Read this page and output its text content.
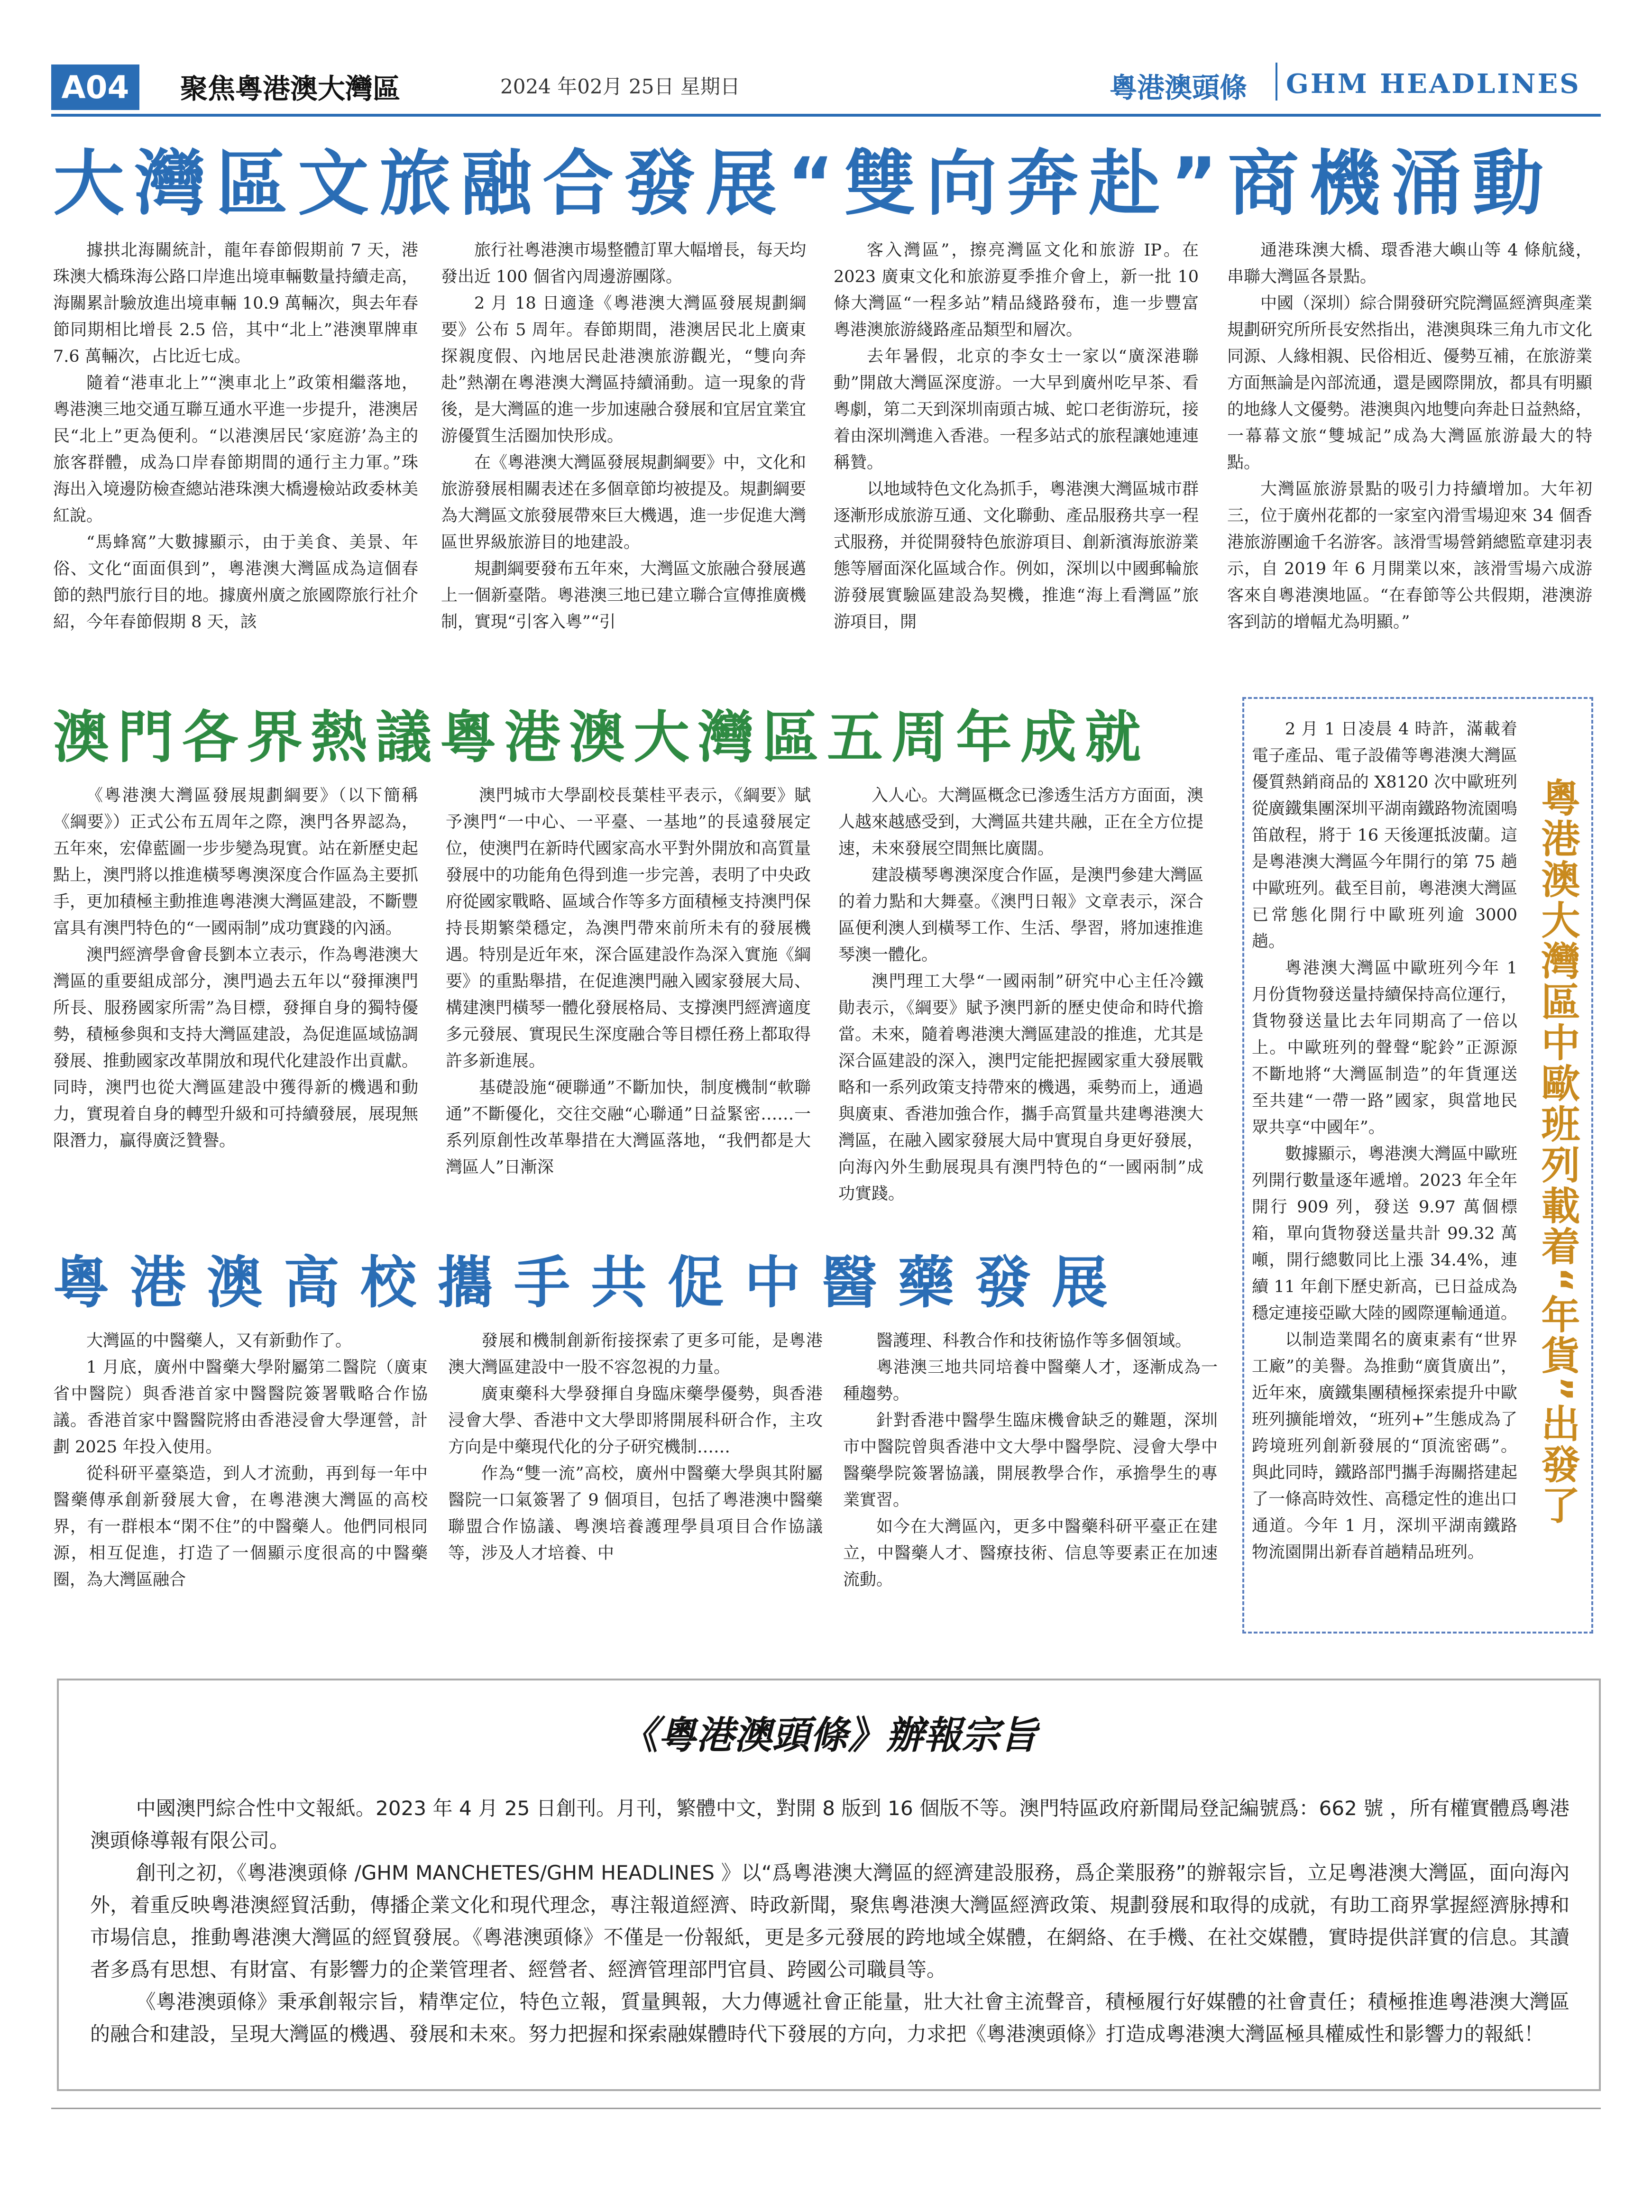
A04	聚焦粵港澳大灣區	2024 年02月 25日 星期日	粵港澳頭條 GHM HEADLINES
大灣區文旅融合發展“雙向奔赴”商機涌動

據拱北海關統計，龍年春節假期前 7 天，港珠澳大橋珠海公路口岸進出境車輛數量持續走高，海關累計驗放進出境車輛 10.9 萬輛次，與去年春節同期相比增長 2.5 倍，其中“北上”港澳單牌車 7.6 萬輛次，占比近七成。

隨着“港車北上”“澳車北上”政策相繼落地，粵港澳三地交通互聯互通水平進一步提升，港澳居民“北上”更為便利。“以港澳居民‘家庭游’為主的旅客群體，成為口岸春節期間的通行主力軍。”珠海出入境邊防檢查總站港珠澳大橋邊檢站政委林美紅說。

“馬蜂窩”大數據顯示，由于美食、美景、年俗、文化“面面俱到”，粵港澳大灣區成為這個春節的熱門旅行目的地。據廣州廣之旅國際旅行社介紹，今年春節假期 8 天，該

旅行社粵港澳市場整體訂單大幅增長，每天均發出近 100 個省內周邊游團隊。

2 月 18 日適逢《粵港澳大灣區發展規劃綱要》公布 5 周年。春節期間，港澳居民北上廣東探親度假、內地居民赴港澳旅游觀光，“雙向奔赴”熱潮在粵港澳大灣區持續涌動。這一現象的背後，是大灣區的進一步加速融合發展和宜居宜業宜游優質生活圈加快形成。

在《粵港澳大灣區發展規劃綱要》中，文化和旅游發展相關表述在多個章節均被提及。規劃綱要為大灣區文旅發展帶來巨大機遇，進一步促進大灣區世界級旅游目的地建設。

規劃綱要發布五年來，大灣區文旅融合發展邁上一個新臺階。粵港澳三地已建立聯合宣傳推廣機制，實現“引客入粵”“引

客入灣區”，擦亮灣區文化和旅游 IP。在 2023 廣東文化和旅游夏季推介會上，新一批 10 條大灣區“一程多站”精品綫路發布，進一步豐富粵港澳旅游綫路產品類型和層次。

去年暑假，北京的李女士一家以“廣深港聯動”開啟大灣區深度游。一大早到廣州吃早茶、看粵劇，第二天到深圳南頭古城、蛇口老街游玩，接着由深圳灣進入香港。一程多站式的旅程讓她連連稱贊。

以地域特色文化為抓手，粵港澳大灣區城市群逐漸形成旅游互通、文化聯動、產品服務共享一程式服務，并從開發特色旅游項目、創新濱海旅游業態等層面深化區域合作。例如，深圳以中國郵輪旅游發展實驗區建設為契機，推進“海上看灣區”旅游項目，開

通港珠澳大橋、環香港大嶼山等 4 條航綫，串聯大灣區各景點。

中國（深圳）綜合開發研究院灣區經濟與產業規劃研究所所長安然指出，港澳與珠三角九市文化同源、人緣相親、民俗相近、優勢互補，在旅游業方面無論是內部流通，還是國際開放，都具有明顯的地緣人文優勢。港澳與內地雙向奔赴日益熱絡，一幕幕文旅“雙城記”成為大灣區旅游最大的特點。

大灣區旅游景點的吸引力持續增加。大年初三，位于廣州花都的一家室內滑雪場迎來 34 個香港旅游團逾千名游客。該滑雪場營銷總監章建羽表示，自 2019 年 6 月開業以來，該滑雪場六成游客來自粵港澳地區。“在春節等公共假期，港澳游客到訪的增幅尤為明顯。”

澳門各界熱議粵港澳大灣區五周年成就

《粵港澳大灣區發展規劃綱要》（以下簡稱《綱要》）正式公布五周年之際，澳門各界認為，五年來，宏偉藍圖一步步變為現實。站在新歷史起點上，澳門將以推進橫琴粵澳深度合作區為主要抓手，更加積極主動推進粵港澳大灣區建設，不斷豐富具有澳門特色的“一國兩制”成功實踐的內涵。

澳門經濟學會會長劉本立表示，作為粵港澳大灣區的重要組成部分，澳門過去五年以“發揮澳門所長、服務國家所需”為目標，發揮自身的獨特優勢，積極參與和支持大灣區建設，為促進區域協調發展、推動國家改革開放和現代化建設作出貢獻。同時，澳門也從大灣區建設中獲得新的機遇和動力，實現着自身的轉型升級和可持續發展，展現無限潛力，贏得廣泛贊譽。

澳門城市大學副校長葉桂平表示，《綱要》賦予澳門“一中心、一平臺、一基地”的長遠發展定位，使澳門在新時代國家高水平對外開放和高質量發展中的功能角色得到進一步完善，表明了中央政府從國家戰略、區域合作等多方面積極支持澳門保持長期繁榮穩定，為澳門帶來前所未有的發展機遇。特別是近年來，深合區建設作為深入實施《綱要》的重點舉措，在促進澳門融入國家發展大局、構建澳門橫琴一體化發展格局、支撐澳門經濟適度多元發展、實現民生深度融合等目標任務上都取得許多新進展。

基礎設施“硬聯通”不斷加快，制度機制“軟聯通”不斷優化，交往交融“心聯通”日益緊密……一系列原創性改革舉措在大灣區落地，“我們都是大灣區人”日漸深

入人心。大灣區概念已滲透生活方方面面，澳人越來越感受到，大灣區共建共融，正在全方位提速，未來發展空間無比廣闊。

建設橫琴粵澳深度合作區，是澳門參建大灣區的着力點和大舞臺。《澳門日報》文章表示，深合區便利澳人到橫琴工作、生活、學習，將加速推進琴澳一體化。

澳門理工大學“一國兩制”研究中心主任冷鐵勛表示，《綱要》賦予澳門新的歷史使命和時代擔當。未來，隨着粵港澳大灣區建設的推進，尤其是深合區建設的深入，澳門定能把握國家重大發展戰略和一系列政策支持帶來的機遇，乘勢而上，通過與廣東、香港加強合作，攜手高質量共建粵港澳大灣區，在融入國家發展大局中實現自身更好發展，向海內外生動展現具有澳門特色的“一國兩制”成功實踐。

粵港澳高校攜手共促中醫藥發展

大灣區的中醫藥人，又有新動作了。

1 月底，廣州中醫藥大學附屬第二醫院（廣東省中醫院）與香港首家中醫醫院簽署戰略合作協議。香港首家中醫醫院將由香港浸會大學運營，計劃 2025 年投入使用。

從科研平臺築造，到人才流動，再到每一年中醫藥傳承創新發展大會，在粵港澳大灣區的高校界，有一群根本“閑不住”的中醫藥人。他們同根同源，相互促進，打造了一個顯示度很高的中醫藥圈，為大灣區融合

發展和機制創新衔接探索了更多可能，是粵港澳大灣區建設中一股不容忽視的力量。

廣東藥科大學發揮自身臨床藥學優勢，與香港浸會大學、香港中文大學即將開展科研合作，主攻方向是中藥現代化的分子研究機制……

作為“雙一流”高校，廣州中醫藥大學與其附屬醫院一口氣簽署了 9 個項目，包括了粵港澳中醫藥聯盟合作協議、粵澳培養護理學員項目合作協議等，涉及人才培養、中

醫護理、科教合作和技術協作等多個領域。

粵港澳三地共同培養中醫藥人才，逐漸成為一種趨勢。

針對香港中醫學生臨床機會缺乏的難題，深圳市中醫院曾與香港中文大學中醫學院、浸會大學中醫藥學院簽署協議，開展教學合作，承擔學生的專業實習。

如今在大灣區內，更多中醫藥科研平臺正在建立，中醫藥人才、醫療技術、信息等要素正在加速流動。

2 月 1 日凌晨 4 時許，滿載着電子產品、電子設備等粵港澳大灣區優質熱銷商品的 X8120 次中歐班列從廣鐵集團深圳平湖南鐵路物流園鳴笛啟程，將于 16 天後運抵波蘭。這是粵港澳大灣區今年開行的第 75 趟中歐班列。截至目前，粵港澳大灣區已常態化開行中歐班列逾 3000 趟。

粵港澳大灣區中歐班列今年 1 月份貨物發送量持續保持高位運行，貨物發送量比去年同期高了一倍以上。中歐班列的聲聲“駝鈴”正源源不斷地將“大灣區制造”的年貨運送至共建“一帶一路”國家，與當地民眾共享“中國年”。

數據顯示，粵港澳大灣區中歐班列開行數量逐年遞增。2023 年全年開行 909 列，發送 9.97 萬個標箱，單向貨物發送量共計 99.32 萬噸，開行總數同比上漲 34.4%，連續 11 年創下歷史新高，已日益成為穩定連接亞歐大陸的國際運輸通道。

以制造業聞名的廣東素有“世界工廠”的美譽。為推動“廣貨廣出”，近年來，廣鐵集團積極探索提升中歐班列擴能增效，“班列+”生態成為了跨境班列創新發展的“頂流密碼”。與此同時，鐵路部門攜手海關搭建起了一條高時效性、高穩定性的進出口通道。今年 1 月，深圳平湖南鐵路物流園開出新春首趟精品班列。

粵港澳大灣區中歐班列載着“年貨”出發了
《粵港澳頭條》辦報宗旨

中國澳門綜合性中文報紙。2023 年 4 月 25 日創刊。月刊，繁體中文，對開 8 版到 16 個版不等。澳門特區政府新聞局登記編號爲：662 號 ，所有權實體爲粵港澳頭條導報有限公司。

創刊之初，《粵港澳頭條 /GHM MANCHETES/GHM HEADLINES 》以“爲粵港澳大灣區的經濟建設服務，爲企業服務”的辦報宗旨，立足粵港澳大灣區，面向海內外，着重反映粵港澳經貿活動，傳播企業文化和現代理念，專注報道經濟、時政新聞，聚焦粵港澳大灣區經濟政策、規劃發展和取得的成就，有助工商界掌握經濟脉搏和市場信息，推動粵港澳大灣區的經貿發展。《粵港澳頭條》不僅是一份報紙，更是多元發展的跨地域全媒體，在網絡、在手機、在社交媒體，實時提供詳實的信息。其讀者多爲有思想、有財富、有影響力的企業管理者、經營者、經濟管理部門官員、跨國公司職員等。

《粵港澳頭條》秉承創報宗旨，精準定位，特色立報，質量興報，大力傳遞社會正能量，壯大社會主流聲音，積極履行好媒體的社會責任；積極推進粵港澳大灣區的融合和建設，呈現大灣區的機遇、發展和未來。努力把握和探索融媒體時代下發展的方向，力求把《粵港澳頭條》打造成粵港澳大灣區極具權威性和影響力的報紙！
